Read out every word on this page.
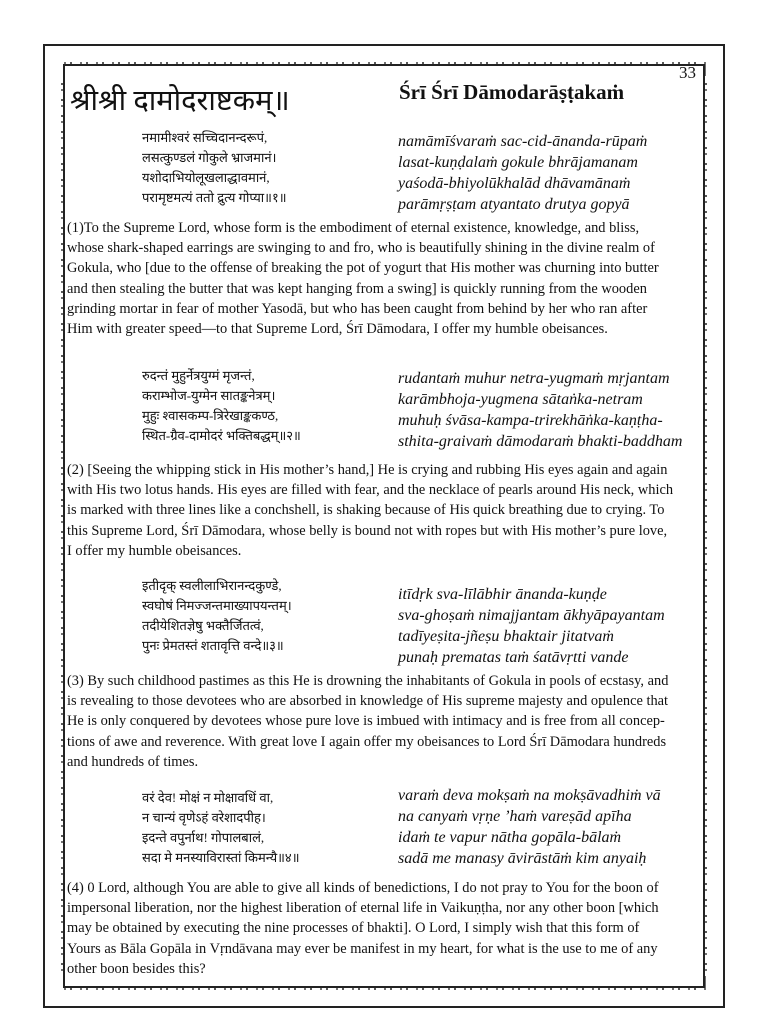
33
श्रीश्री दामोदराष्टकम्॥	Śrī Śrī Dāmodarāṣṭakaṁ
नमामीश्वरं सच्चिदानन्दरूपं,
लसत्कुण्डलं गोकुले भ्राजमानं।
यशोदाभियोलूखलाद्धावमानं,
परामृष्टमत्यं ततो द्रुत्य गोप्या॥१॥
namāmīśvaraṁ sac-cid-ānanda-rūpaṁ
lasat-kuṇḍalaṁ gokule bhrājamanam
yaśodā-bhiyolūkhalād dhāvamānaṁ
parāmṛṣṭam atyantato drutya gopyā
(1)To the Supreme Lord, whose form is the embodiment of eternal existence, knowledge, and bliss,
whose shark-shaped earrings are swinging to and fro, who is beautifully shining in the divine realm of
Gokula, who [due to the offense of breaking the pot of yogurt that His mother was churning into butter
and then stealing the butter that was kept hanging from a swing] is quickly running from the wooden
grinding mortar in fear of mother Yasodā, but who has been caught from behind by her who ran after
Him with greater speed—to that Supreme Lord, Śrī Dāmodara, I offer my humble obeisances.
रुदन्तं मुहुर्नेत्रयुग्मं मृजन्तं,
कराम्भोज-युग्मेन सातङ्कनेत्रम्।
मुहुः श्वासकम्प-त्रिरेखाङ्ककण्ठ,
स्थित-ग्रैव-दामोदरं भक्तिबद्धम्॥२॥
rudantaṁ muhur netra-yugmaṁ mṛjantam
karāmbhoja-yugmena sātaṅka-netram
muhuḥ śvāsa-kampa-trirekhāṅka-kaṇṭha-
sthita-graivaṁ dāmodaraṁ bhakti-baddham
(2) [Seeing the whipping stick in His mother’s hand,] He is crying and rubbing His eyes again and again
with His two lotus hands. His eyes are filled with fear, and the necklace of pearls around His neck, which
is marked with three lines like a conchshell, is shaking because of His quick breathing due to crying. To
this Supreme Lord, Śrī Dāmodara, whose belly is bound not with ropes but with His mother’s pure love,
I offer my humble obeisances.
इतीदृक् स्वलीलाभिरानन्दकुण्डे,
स्वघोषं निमज्जन्तमाख्यापयन्तम्।
तदीयेशितज्ञेषु भक्तैर्जितत्वं,
पुनः प्रेमतस्तं शतावृत्ति वन्दे॥३॥
itīdṛk sva-līlābhir ānanda-kuṇḍe
sva-ghoṣaṁ nimajjantam ākhyāpayantam
tadīyeṣita-jñeṣu bhaktair jitatvaṁ
punaḥ prematas taṁ śatāvṛtti vande
(3) By such childhood pastimes as this He is drowning the inhabitants of Gokula in pools of ecstasy, and
is revealing to those devotees who are absorbed in knowledge of His supreme majesty and opulence that
He is only conquered by devotees whose pure love is imbued with intimacy and is free from all concep-
tions of awe and reverence. With great love I again offer my obeisances to Lord Śrī Dāmodara hundreds
and hundreds of times.
वरं देव! मोक्षं न मोक्षावधिं वा,
न चान्यं वृणेऽहं वरेशादपीह।
इदन्ते वपुर्नाथ! गोपालबालं,
सदा मे मनस्याविरास्तां किमन्यै॥४॥
varaṁ deva mokṣaṁ na mokṣāvadhiṁ vā
na canyaṁ vṛṇe ’haṁ vareṣād apīha
idaṁ te vapur nātha gopāla-bālaṁ
sadā me manasy āvirāstāṁ kim anyaiḥ
(4) 0 Lord, although You are able to give all kinds of benedictions, I do not pray to You for the boon of
impersonal liberation, nor the highest liberation of eternal life in Vaikuṇṭha, nor any other boon [which
may be obtained by executing the nine processes of bhakti]. O Lord, I simply wish that this form of
Yours as Bāla Gopāla in Vṛndāvana may ever be manifest in my heart, for what is the use to me of any
other boon besides this?
